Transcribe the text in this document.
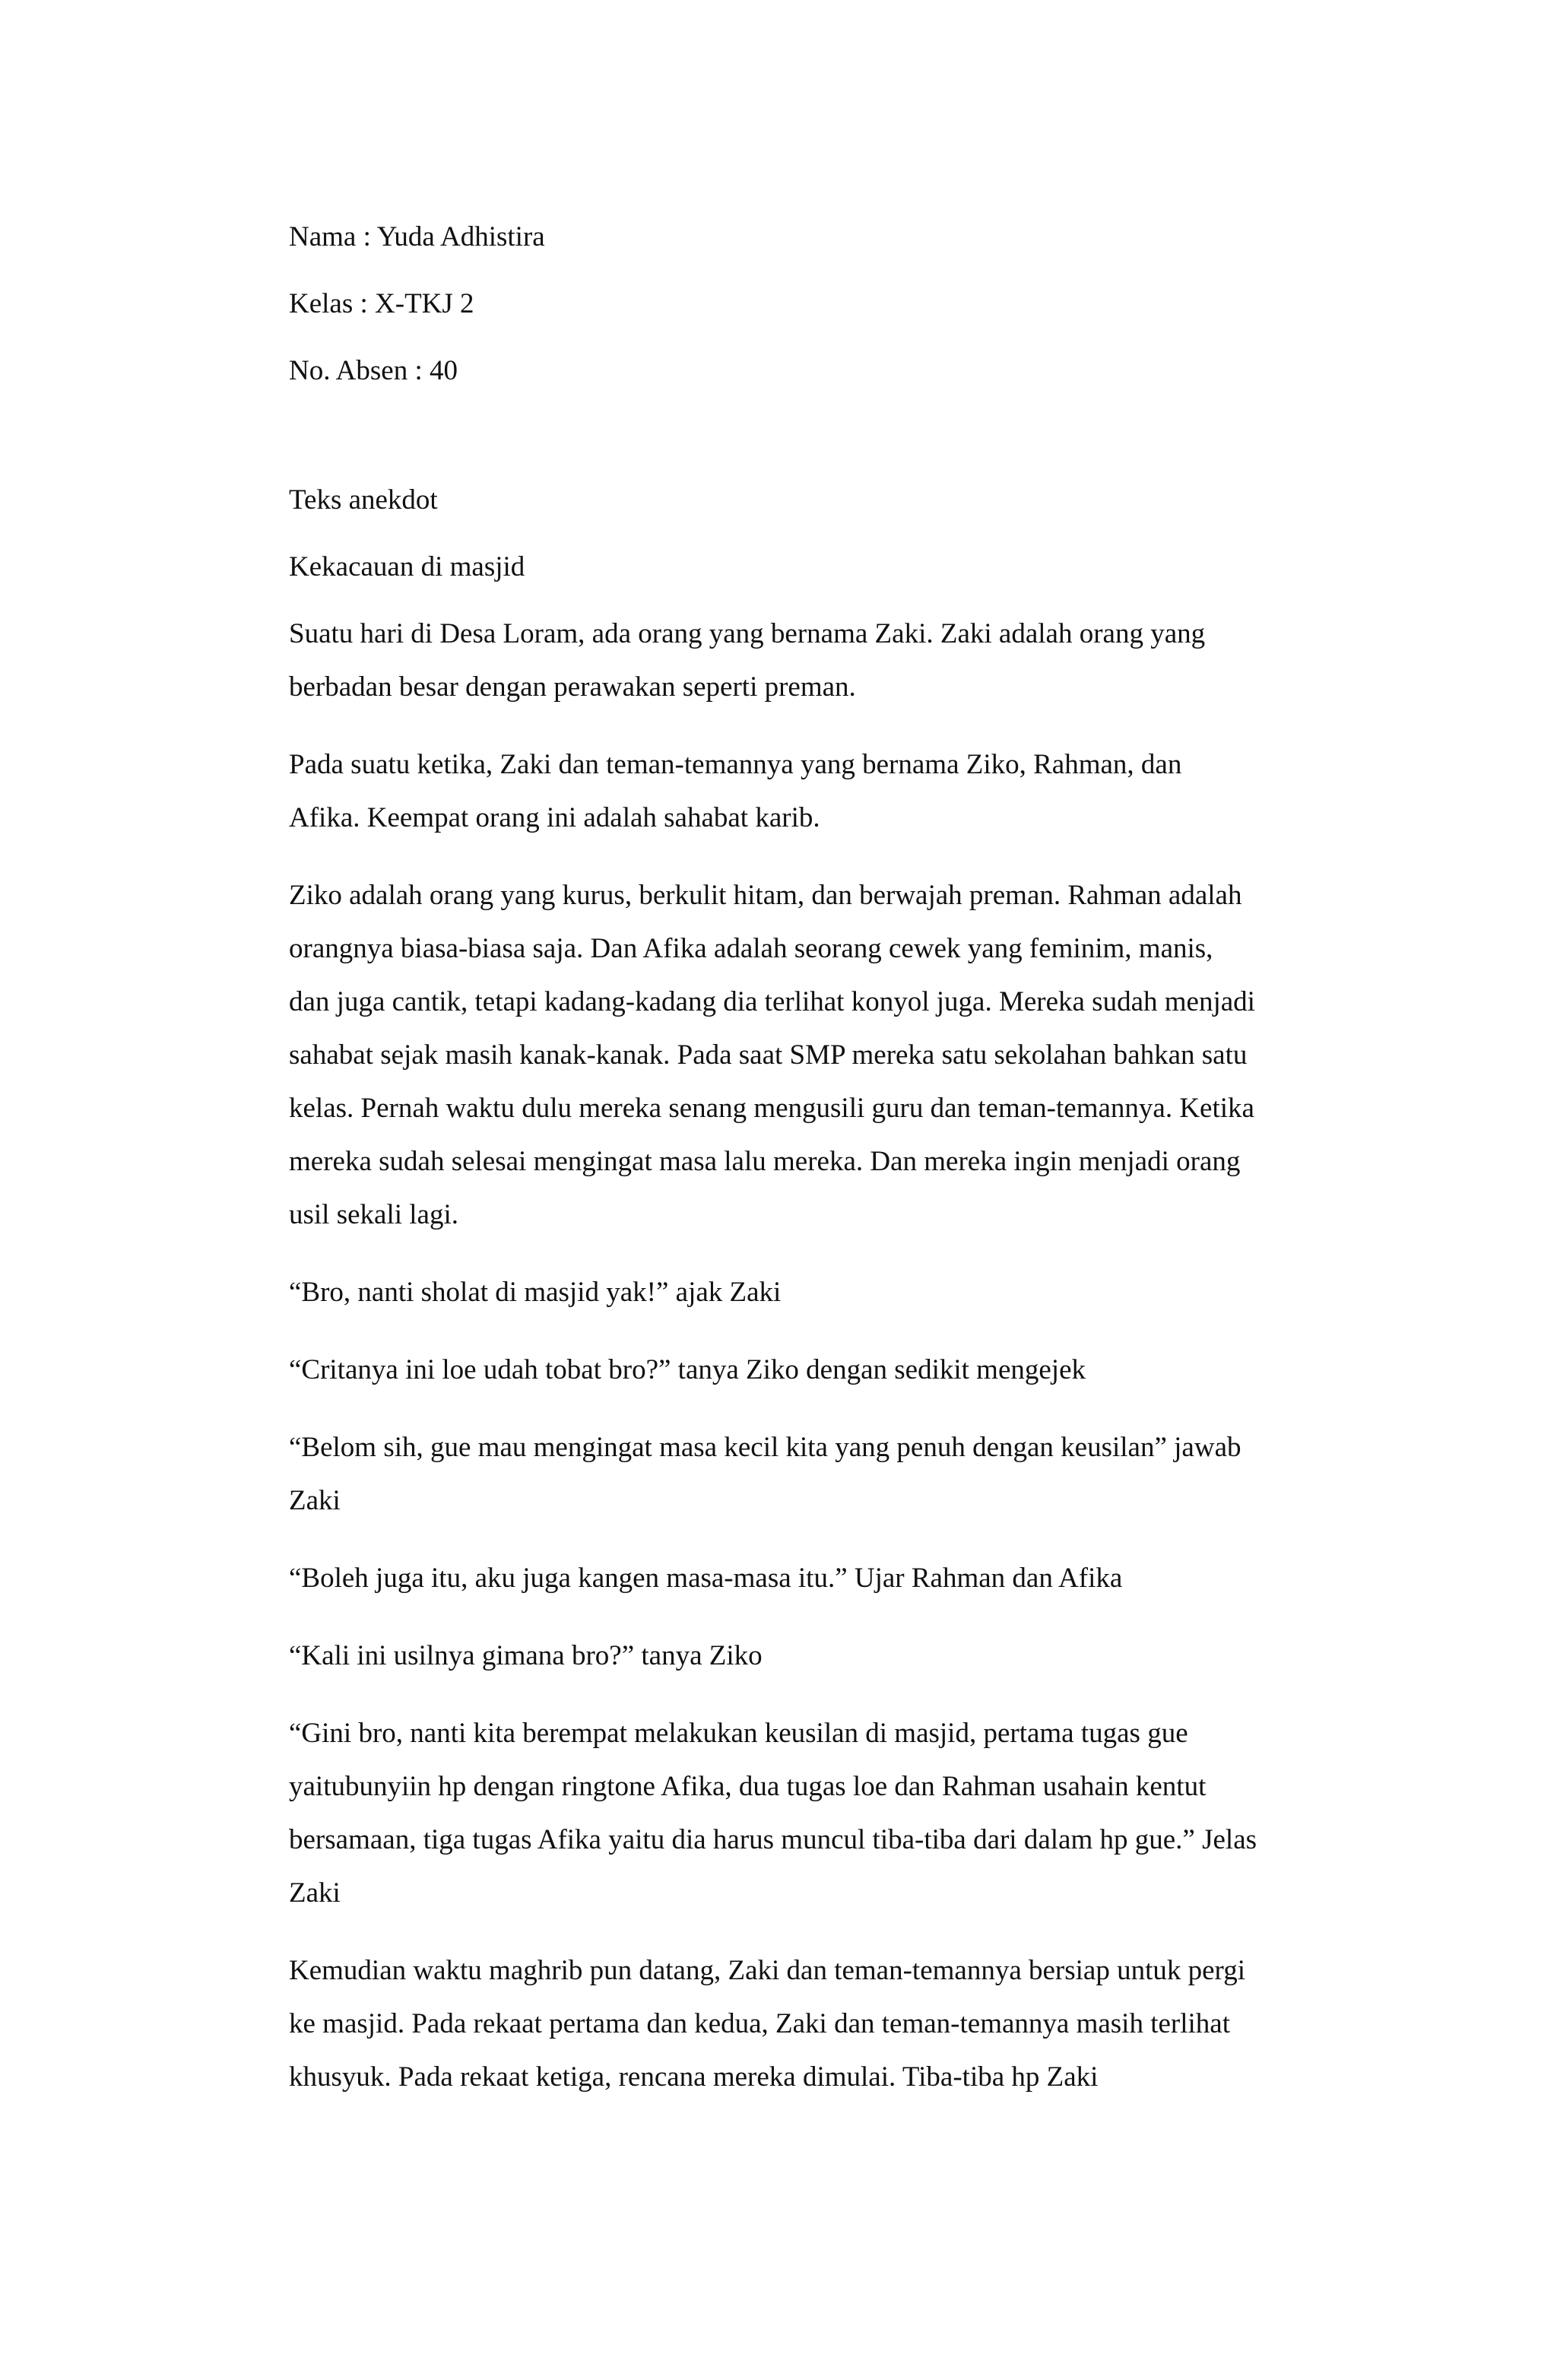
Nama : Yuda Adhistira

Kelas : X-TKJ 2

No. Absen : 40

Teks anekdot

Kekacauan di masjid

Suatu hari di Desa Loram, ada orang yang bernama Zaki. Zaki adalah orang yang

berbadan besar dengan perawakan seperti preman.

Pada suatu ketika, Zaki dan teman-temannya yang bernama Ziko, Rahman, dan

Afika. Keempat orang ini adalah sahabat karib.

Ziko adalah orang yang kurus, berkulit hitam, dan berwajah preman. Rahman adalah

orangnya biasa-biasa saja. Dan Afika adalah seorang cewek yang feminim, manis,

dan juga cantik, tetapi kadang-kadang dia terlihat konyol juga. Mereka sudah menjadi

sahabat sejak masih kanak-kanak. Pada saat SMP mereka satu sekolahan bahkan satu

kelas. Pernah waktu dulu mereka senang mengusili guru dan teman-temannya. Ketika

mereka sudah selesai mengingat masa lalu mereka. Dan mereka ingin menjadi orang

usil sekali lagi.

“Bro, nanti sholat di masjid yak!” ajak Zaki

“Critanya ini loe udah tobat bro?” tanya Ziko dengan sedikit mengejek

“Belom sih, gue mau mengingat masa kecil kita yang penuh dengan keusilan” jawab

Zaki

“Boleh juga itu, aku juga kangen masa-masa itu.” Ujar Rahman dan Afika

“Kali ini usilnya gimana bro?” tanya Ziko

“Gini bro, nanti kita berempat melakukan keusilan di masjid, pertama tugas gue

yaitubunyiin hp dengan ringtone Afika, dua tugas loe dan Rahman usahain kentut

bersamaan, tiga tugas Afika yaitu dia harus muncul tiba-tiba dari dalam hp gue.” Jelas

Zaki

Kemudian waktu maghrib pun datang, Zaki dan teman-temannya bersiap untuk pergi

ke masjid. Pada rekaat pertama dan kedua, Zaki dan teman-temannya masih terlihat

khusyuk. Pada rekaat ketiga, rencana mereka dimulai. Tiba-tiba hp Zaki
